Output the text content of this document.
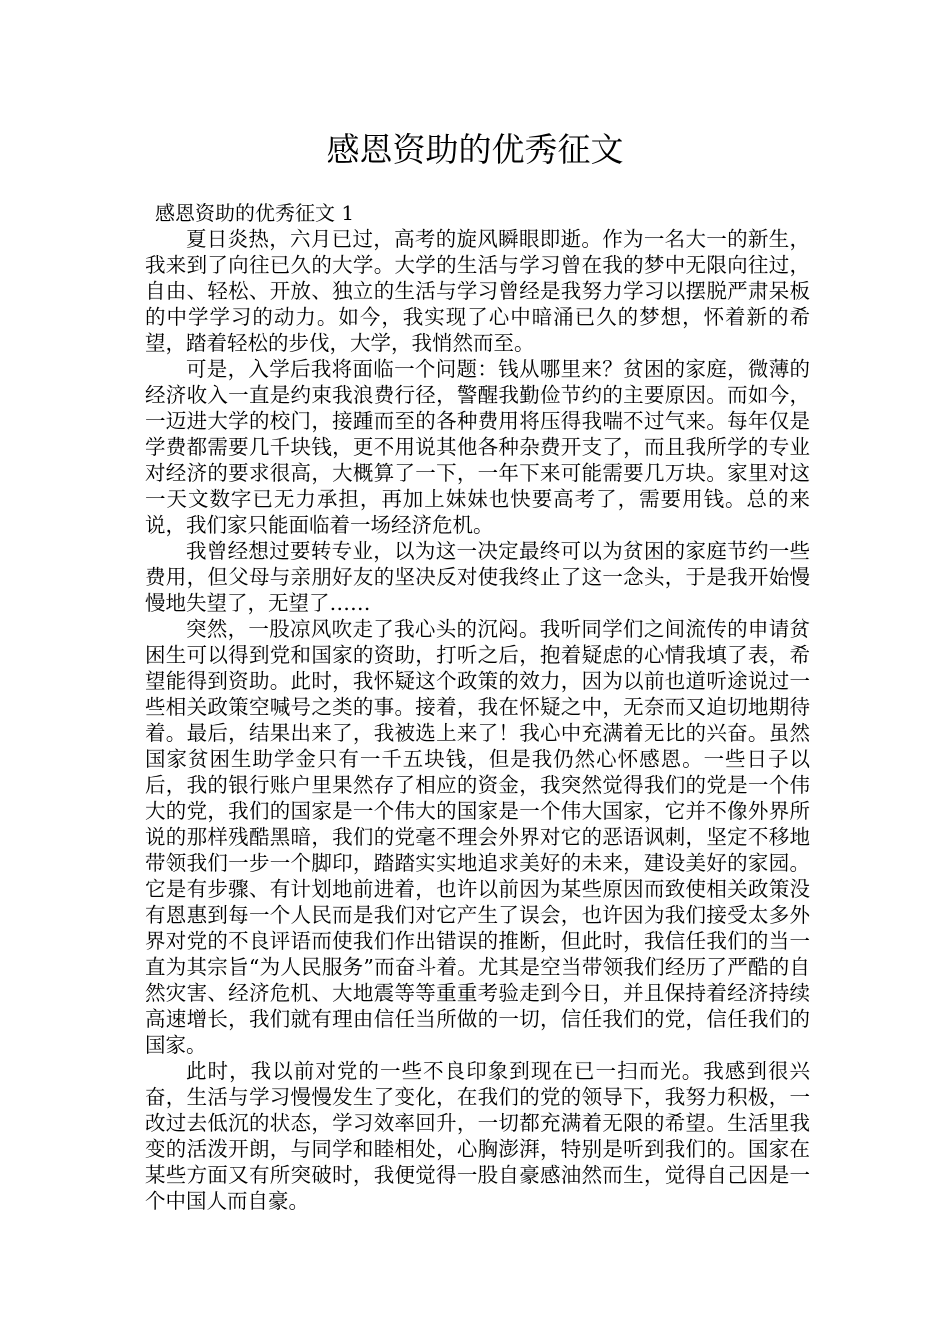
感恩资助的优秀征文
感恩资助的优秀征文 1

夏日炎热，六月已过，高考的旋风瞬眼即逝。作为一名大一的新生，我来到了向往已久的大学。大学的生活与学习曾在我的梦中无限向往过，自由、轻松、开放、独立的生活与学习曾经是我努力学习以摆脱严肃呆板的中学学习的动力。如今，我实现了心中暗涌已久的梦想，怀着新的希望，踏着轻松的步伐，大学，我悄然而至。

可是，入学后我将面临一个问题：钱从哪里来？贫困的家庭，微薄的经济收入一直是约束我浪费行径，警醒我勤俭节约的主要原因。而如今，一迈进大学的校门，接踵而至的各种费用将压得我喘不过气来。每年仅是学费都需要几千块钱，更不用说其他各种杂费开支了，而且我所学的专业对经济的要求很高，大概算了一下，一年下来可能需要几万块。家里对这一天文数字已无力承担，再加上妹妹也快要高考了，需要用钱。总的来说，我们家只能面临着一场经济危机。

我曾经想过要转专业，以为这一决定最终可以为贫困的家庭节约一些费用，但父母与亲朋好友的坚决反对使我终止了这一念头，于是我开始慢慢地失望了，无望了……

突然，一股凉风吹走了我心头的沉闷。我听同学们之间流传的申请贫困生可以得到党和国家的资助，打听之后，抱着疑虑的心情我填了表，希望能得到资助。此时，我怀疑这个政策的效力，因为以前也道听途说过一些相关政策空喊号之类的事。接着，我在怀疑之中，无奈而又迫切地期待着。最后，结果出来了，我被选上来了！我心中充满着无比的兴奋。虽然国家贫困生助学金只有一千五块钱，但是我仍然心怀感恩。一些日子以后，我的银行账户里果然存了相应的资金，我突然觉得我们的党是一个伟大的党，我们的国家是一个伟大的国家是一个伟大国家，它并不像外界所说的那样残酷黑暗，我们的党毫不理会外界对它的恶语讽刺，坚定不移地带领我们一步一个脚印，踏踏实实地追求美好的未来，建设美好的家园。它是有步骤、有计划地前进着，也许以前因为某些原因而致使相关政策没有恩惠到每一个人民而是我们对它产生了误会，也许因为我们接受太多外界对党的不良评语而使我们作出错误的推断，但此时，我信任我们的当一直为其宗旨“为人民服务”而奋斗着。尤其是空当带领我们经历了严酷的自然灾害、经济危机、大地震等等重重考验走到今日，并且保持着经济持续高速增长，我们就有理由信任当所做的一切，信任我们的党，信任我们的国家。

此时，我以前对党的一些不良印象到现在已一扫而光。我感到很兴奋，生活与学习慢慢发生了变化，在我们的党的领导下，我努力积极，一改过去低沉的状态，学习效率回升，一切都充满着无限的希望。生活里我变的活泼开朗，与同学和睦相处，心胸澎湃，特别是听到我们的。国家在某些方面又有所突破时，我便觉得一股自豪感油然而生，觉得自己因是一个中国人而自豪。
